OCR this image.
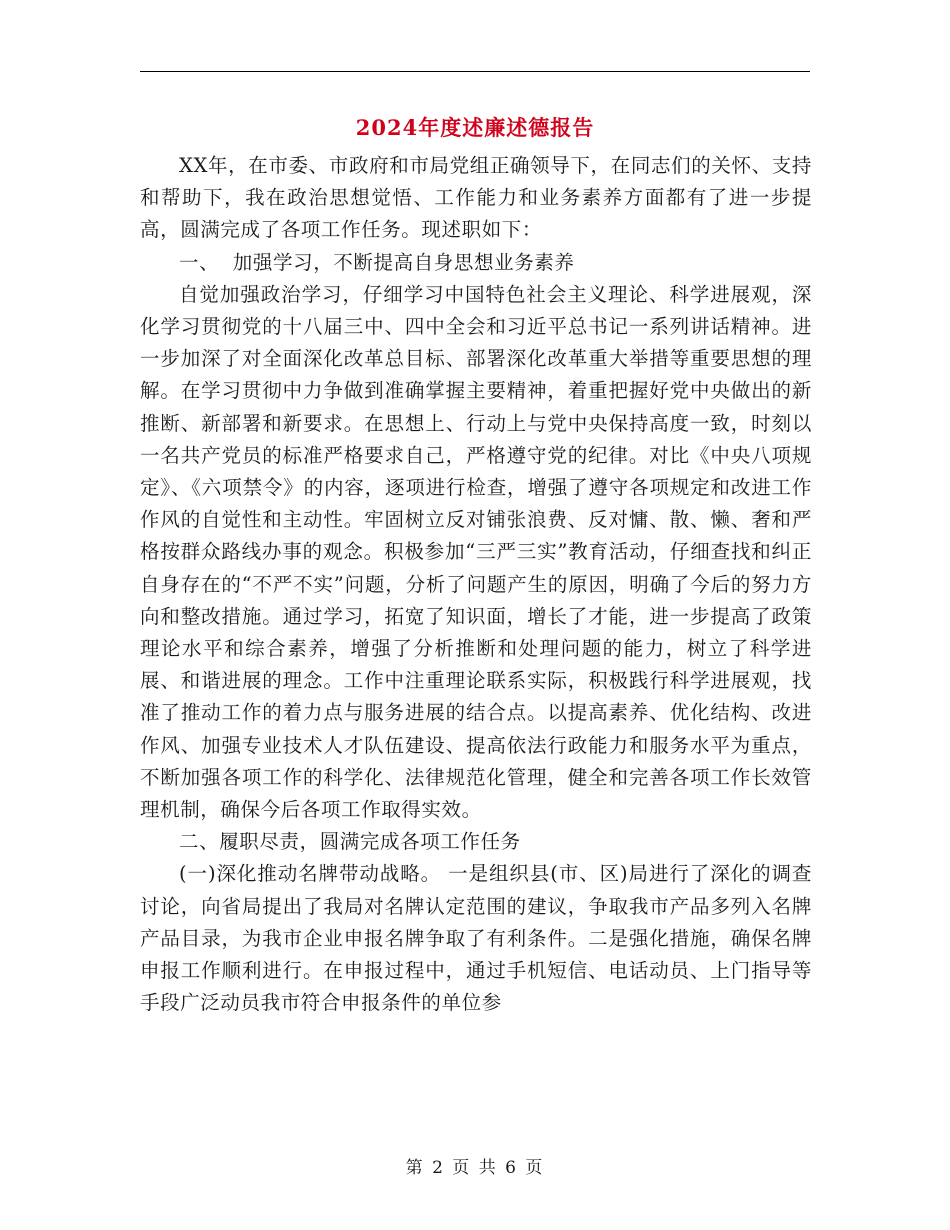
2024年度述廉述德报告

XX年，在市委、市政府和市局党组正确领导下，在同志们的关怀、支持和帮助下，我在政治思想觉悟、工作能力和业务素养方面都有了进一步提高，圆满完成了各项工作任务。现述职如下：

一、  加强学习，不断提高自身思想业务素养

自觉加强政治学习，仔细学习中国特色社会主义理论、科学进展观，深化学习贯彻党的十八届三中、四中全会和习近平总书记一系列讲话精神。进一步加深了对全面深化改革总目标、部署深化改革重大举措等重要思想的理解。在学习贯彻中力争做到准确掌握主要精神，着重把握好党中央做出的新推断、新部署和新要求。在思想上、行动上与党中央保持高度一致，时刻以一名共产党员的标准严格要求自己，严格遵守党的纪律。对比《中央八项规定》、《六项禁令》的内容，逐项进行检查，增强了遵守各项规定和改进工作作风的自觉性和主动性。牢固树立反对铺张浪费、反对慵、散、懒、奢和严格按群众路线办事的观念。积极参加“三严三实”教育活动，仔细查找和纠正自身存在的“不严不实”问题，分析了问题产生的原因，明确了今后的努力方向和整改措施。通过学习，拓宽了知识面，增长了才能，进一步提高了政策理论水平和综合素养，增强了分析推断和处理问题的能力，树立了科学进展、和谐进展的理念。工作中注重理论联系实际，积极践行科学进展观，找准了推动工作的着力点与服务进展的结合点。以提高素养、优化结构、改进作风、加强专业技术人才队伍建设、提高依法行政能力和服务水平为重点，不断加强各项工作的科学化、法律规范化管理，健全和完善各项工作长效管理机制，确保今后各项工作取得实效。

二、履职尽责，圆满完成各项工作任务

(一)深化推动名牌带动战略。 一是组织县(市、区)局进行了深化的调查讨论，向省局提出了我局对名牌认定范围的建议，争取我市产品多列入名牌产品目录，为我市企业申报名牌争取了有利条件。二是强化措施，确保名牌申报工作顺利进行。在申报过程中，通过手机短信、电话动员、上门指导等手段广泛动员我市符合申报条件的单位参

第 2 页 共 6 页
